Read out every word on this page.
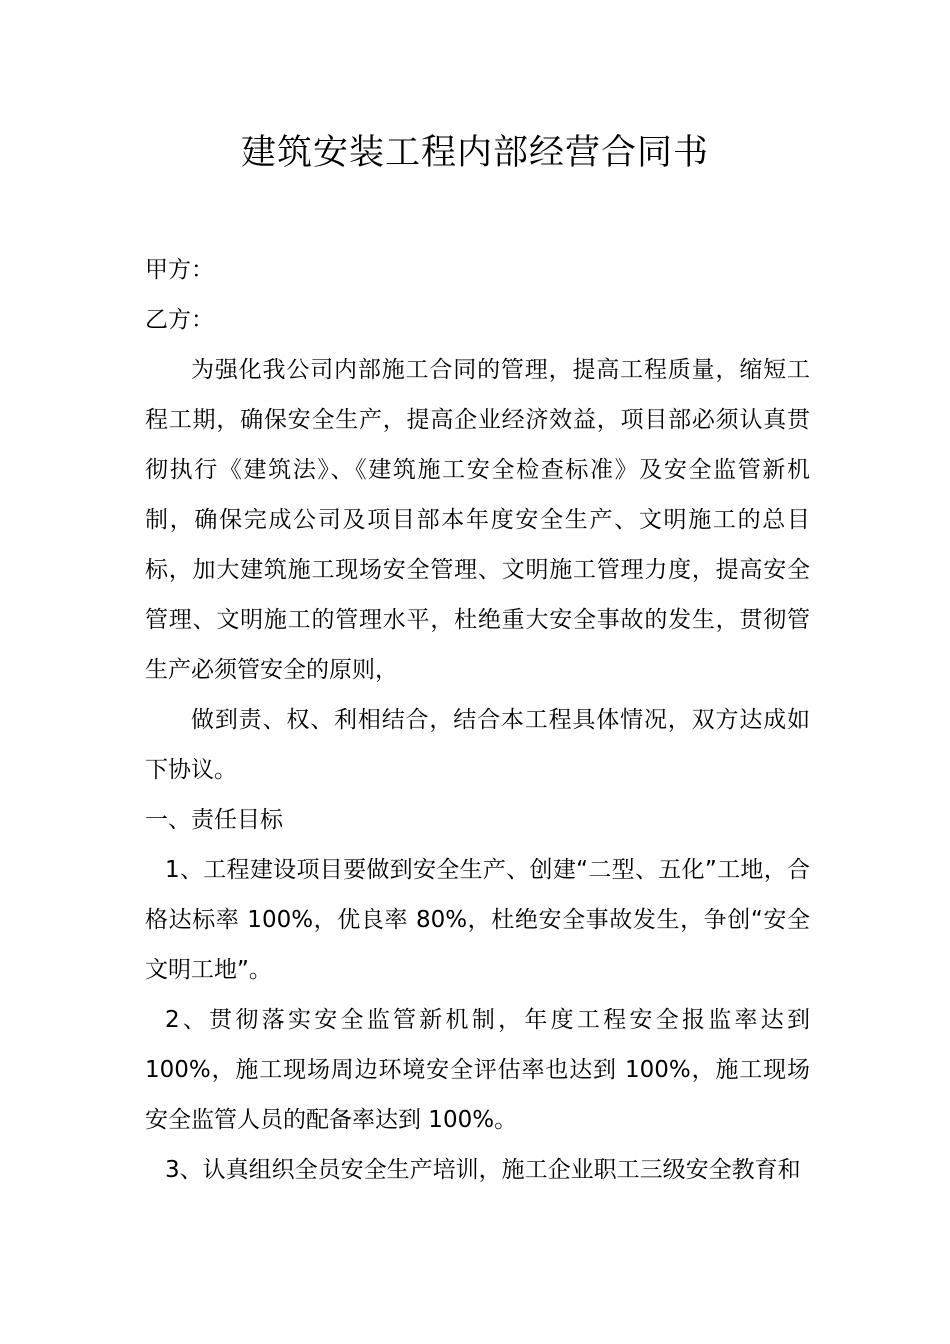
建筑安装工程内部经营合同书

甲方：

乙方：

为强化我公司内部施工合同的管理，提高工程质量，缩短工程工期，确保安全生产，提高企业经济效益，项目部必须认真贯彻执行《建筑法》、《建筑施工安全检查标准》及安全监管新机制，确保完成公司及项目部本年度安全生产、文明施工的总目标，加大建筑施工现场安全管理、文明施工管理力度，提高安全管理、文明施工的管理水平，杜绝重大安全事故的发生，贯彻管生产必须管安全的原则，

做到责、权、利相结合，结合本工程具体情况，双方达成如下协议。

一、责任目标

1、工程建设项目要做到安全生产、创建“二型、五化”工地，合格达标率 100%，优良率 80%，杜绝安全事故发生，争创“安全文明工地”。

2、贯彻落实安全监管新机制，年度工程安全报监率达到 100%，施工现场周边环境安全评估率也达到 100%，施工现场安全监管人员的配备率达到 100%。

3、认真组织全员安全生产培训，施工企业职工三级安全教育和
